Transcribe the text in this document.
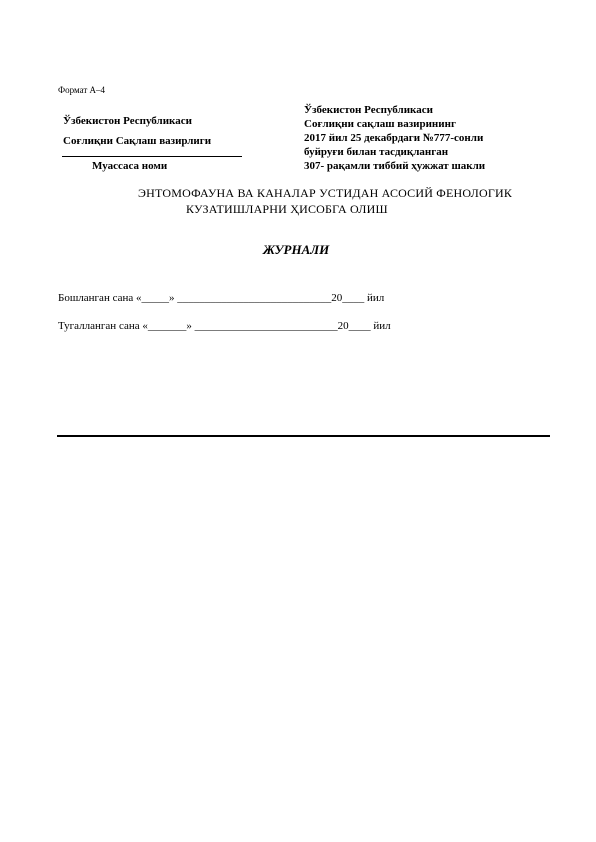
Формат А–4
Ўзбекистон Республикаси
Соғлиқни Сақлаш вазирлиги
Муассаса номи
Ўзбекистон Республикаси
Соғлиқни сақлаш вазирининг
2017 йил 25 декабрдаги №777-сонли
буйруғи билан тасдиқланган
307- рақамли тиббий ҳужжат шакли
ЭНТОМОФАУНА ВА КАНАЛАР УСТИДАН АСОСИЙ ФЕНОЛОГИК
КУЗАТИШЛАРНИ ҲИСОБГА ОЛИШ
ЖУРНАЛИ
Бошланган сана «_____» ____________________________20____ йил
Тугалланган сана «_______» __________________________20____ йил
